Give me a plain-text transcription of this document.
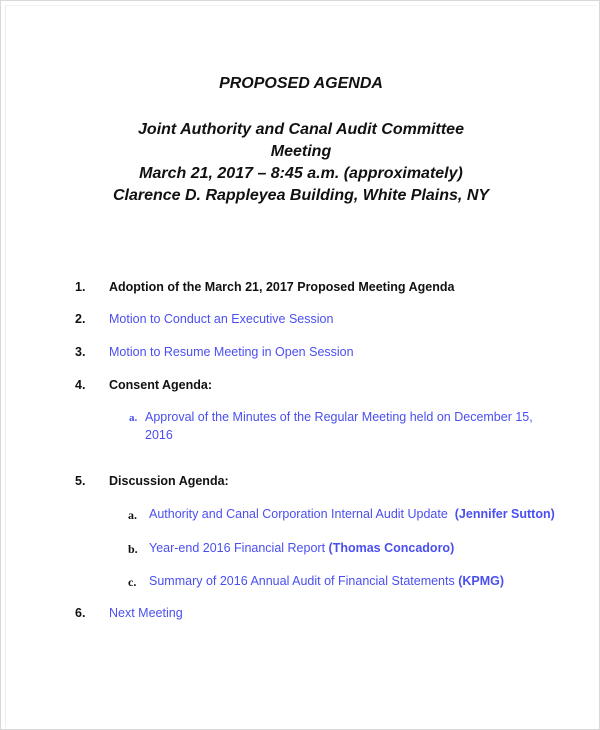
PROPOSED AGENDA
Joint Authority and Canal Audit Committee
Meeting
March 21, 2017 – 8:45 a.m. (approximately)
Clarence D. Rappleyea Building, White Plains, NY
1. Adoption of the March 21, 2017 Proposed Meeting Agenda
2. Motion to Conduct an Executive Session
3. Motion to Resume Meeting in Open Session
4. Consent Agenda:
a. Approval of the Minutes of the Regular Meeting held on December 15,
2016
5. Discussion Agenda:
a. Authority and Canal Corporation Internal Audit Update (Jennifer Sutton)
b. Year-end 2016 Financial Report (Thomas Concadoro)
c. Summary of 2016 Annual Audit of Financial Statements (KPMG)
6. Next Meeting
